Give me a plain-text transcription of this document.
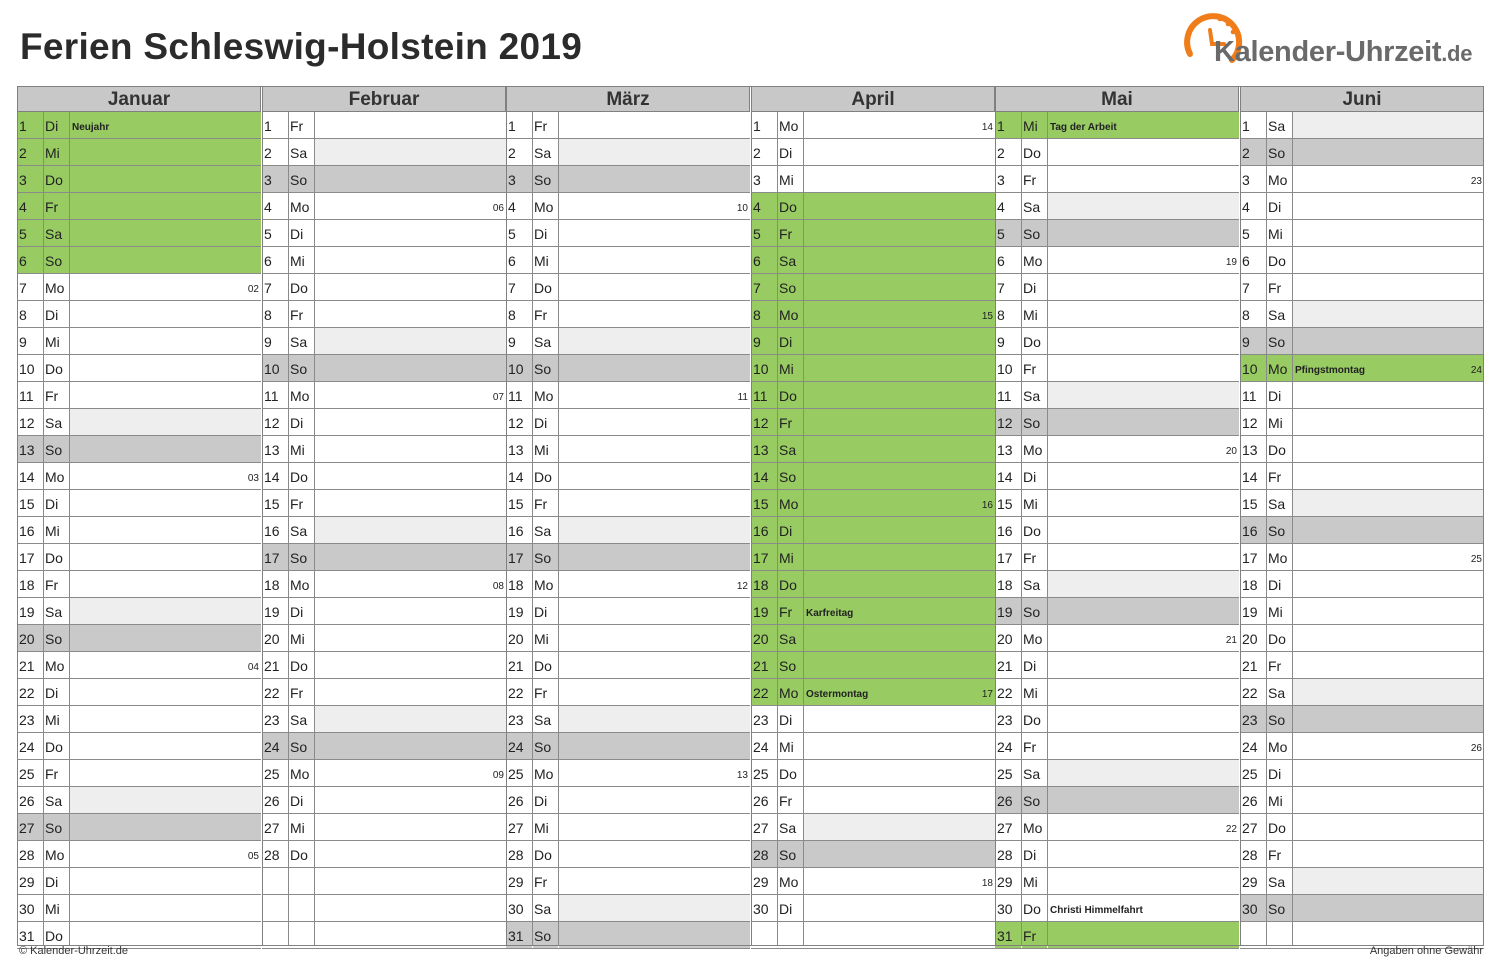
Ferien Schleswig-Holstein 2019	Kalender-Uhrzeit.de
Januar
1	Di	Neujahr
2	Mi
3	Do
4	Fr
5	Sa
6	So
7	Mo	02
8	Di
9	Mi
10 Do
11 Fr
12 Sa
13 So
14 Mo	03
15 Di
16 Mi
17 Do
18 Fr
19 Sa
20 So
21 Mo	04
22 Di
23 Mi
24 Do
25 Fr
26 Sa
27 So
28 Mo	05
29 Di
30 Mi
31 Do
Februar
1	Fr
2	Sa
3	So
4	Mo	06
5	Di
6	Mi
7	Do
8	Fr
9	Sa
10 So
11 Mo	07
12 Di
13 Mi
14 Do
15 Fr
16 Sa
17 So
18 Mo	08
19 Di
20 Mi
21 Do
22 Fr
23 Sa
24 So
25 Mo	09
26 Di
27 Mi
28 Do
März
1	Fr
2	Sa
3	So
4	Mo	10
5	Di
6	Mi
7	Do
8	Fr
9	Sa
10 So
11 Mo	11
12 Di
13 Mi
14 Do
15 Fr
16 Sa
17 So
18 Mo	12
19 Di
20 Mi
21 Do
22 Fr
23 Sa
24 So
25 Mo	13
26 Di
27 Mi
28 Do
29 Fr
30 Sa
31 So
April
1	Mo	14
2	Di
3	Mi
4	Do
5	Fr
6	Sa
7	So
8	Mo	15
9	Di
10 Mi
11 Do
12 Fr
13 Sa
14 So
15 Mo	16
16 Di
17 Mi
18 Do
19 Fr	Karfreitag
20 Sa
21 So
22 Mo Ostermontag	17
23 Di
24 Mi
25 Do
26 Fr
27 Sa
28 So
29 Mo	18
30 Di
Mai
1	Mi	Tag der Arbeit
2	Do
3	Fr
4	Sa
5	So
6	Mo	19
7	Di
8	Mi
9	Do
10 Fr
11 Sa
12 So
13 Mo	20
14 Di
15 Mi
16 Do
17 Fr
18 Sa
19 So
20 Mo	21
21 Di
22 Mi
23 Do
24 Fr
25 Sa
26 So
27 Mo	22
28 Di
29 Mi
30 Do Christi Himmelfahrt
31 Fr
Juni
1	Sa
2	So
3	Mo	23
4	Di
5	Mi
6	Do
7	Fr
8	Sa
9	So
10 Mo Pfingstmontag	24
11 Di
12 Mi
13 Do
14 Fr
15 Sa
16 So
17 Mo	25
18 Di
19 Mi
20 Do
21 Fr
22 Sa
23 So
24 Mo	26
25 Di
26 Mi
27 Do
28 Fr
29 Sa
30 So
© Kalender-Uhrzeit.de	Angaben ohne Gewähr
